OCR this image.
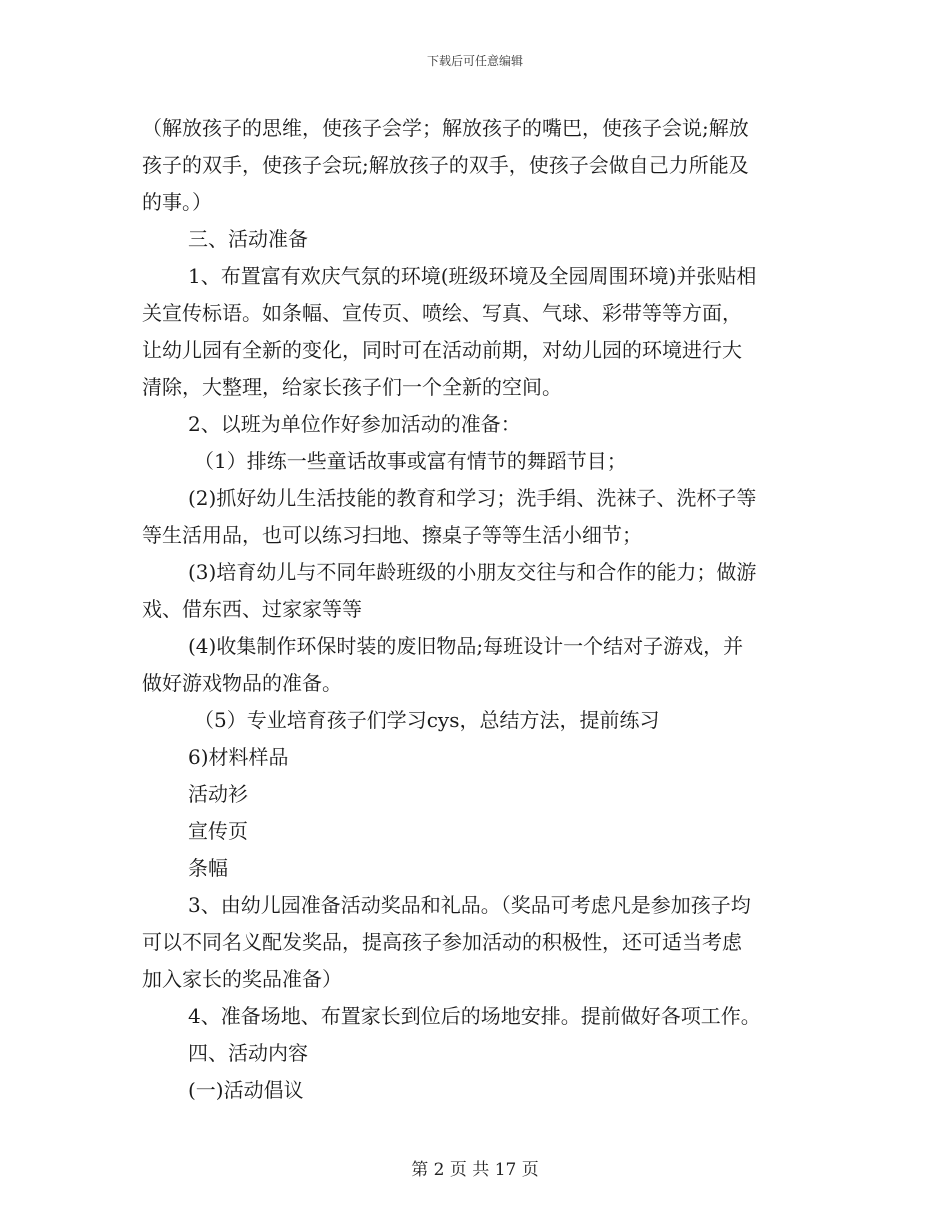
下载后可任意编辑
（解放孩子的思维，使孩子会学；解放孩子的嘴巴，使孩子会说;解放
孩子的双手，使孩子会玩;解放孩子的双手，使孩子会做自己力所能及
的事。）
三、活动准备
1、布置富有欢庆气氛的环境(班级环境及全园周围环境)并张贴相
关宣传标语。如条幅、宣传页、喷绘、写真、气球、彩带等等方面，
让幼儿园有全新的变化，同时可在活动前期，对幼儿园的环境进行大
清除，大整理，给家长孩子们一个全新的空间。
2、以班为单位作好参加活动的准备：
（1）排练一些童话故事或富有情节的舞蹈节目；
(2)抓好幼儿生活技能的教育和学习；洗手绢、洗袜子、洗杯子等
等生活用品，也可以练习扫地、擦桌子等等生活小细节；
(3)培育幼儿与不同年龄班级的小朋友交往与和合作的能力；做游
戏、借东西、过家家等等
(4)收集制作环保时装的废旧物品;每班设计一个结对子游戏，并
做好游戏物品的准备。
（5）专业培育孩子们学习cys，总结方法，提前练习
6)材料样品
活动衫
宣传页
条幅
3、由幼儿园准备活动奖品和礼品。（奖品可考虑凡是参加孩子均
可以不同名义配发奖品，提高孩子参加活动的积极性，还可适当考虑
加入家长的奖品准备）
4、准备场地、布置家长到位后的场地安排。提前做好各项工作。
四、活动内容
(一)活动倡议
第 2 页 共 17 页
